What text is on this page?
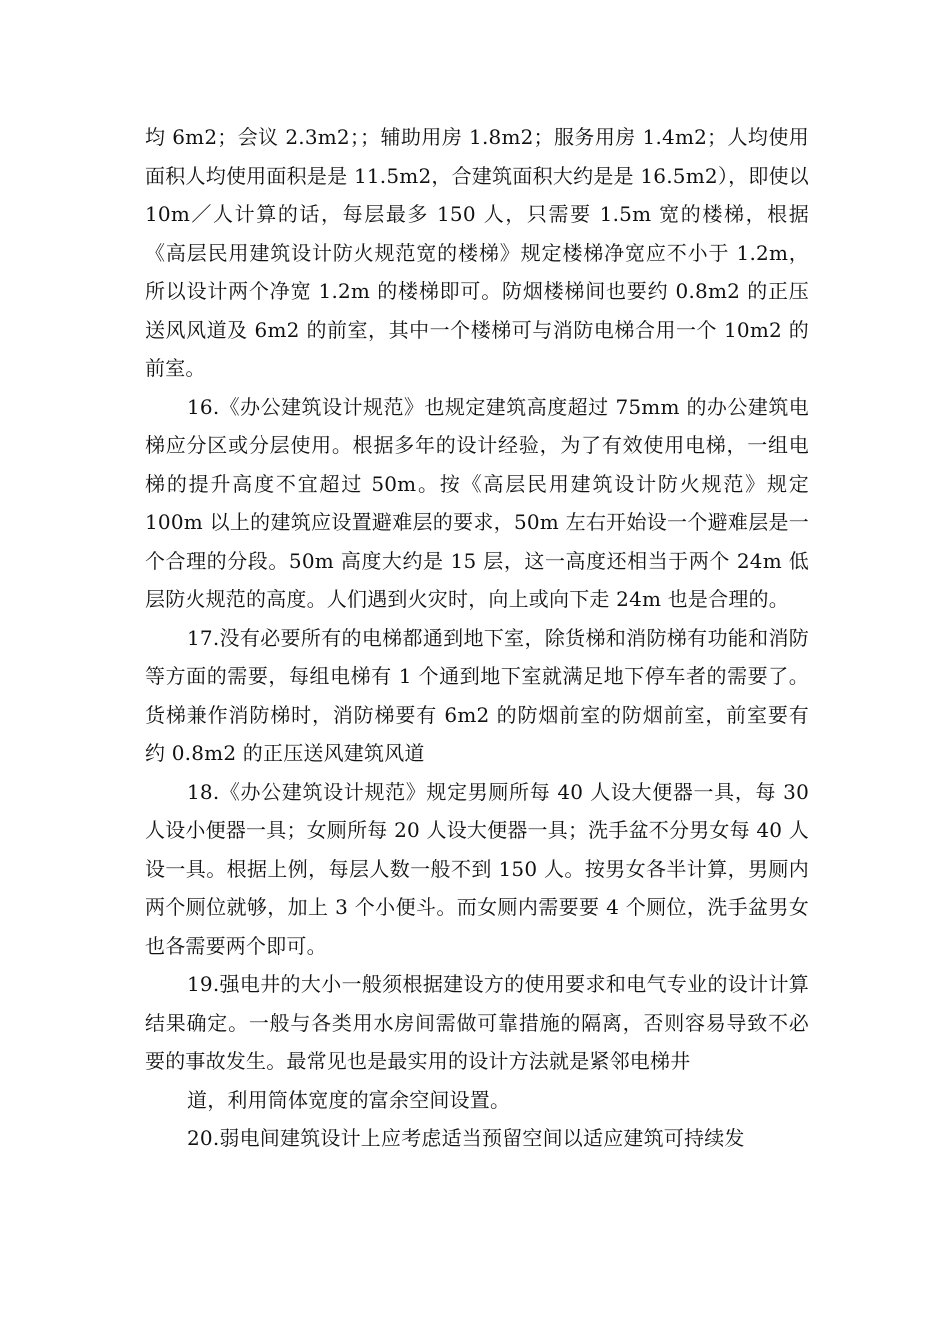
均 6m2；会议 2.3m2；；辅助用房 1.8m2；服务用房 1.4m2；人均使用面积人均使用面积是是 11.5m2，合建筑面积大约是是 16.5m2），即使以 10m／人计算的话，每层最多 150 人，只需要 1.5m 宽的楼梯，根据《高层民用建筑设计防火规范宽的楼梯》规定楼梯净宽应不小于 1.2m，所以设计两个净宽 1.2m 的楼梯即可。防烟楼梯间也要约 0.8m2 的正压送风风道及 6m2 的前室，其中一个楼梯可与消防电梯合用一个 10m2 的前室。

16.《办公建筑设计规范》也规定建筑高度超过 75mm 的办公建筑电梯应分区或分层使用。根据多年的设计经验，为了有效使用电梯，一组电梯的提升高度不宜超过 50m。按《高层民用建筑设计防火规范》规定 100m 以上的建筑应设置避难层的要求，50m 左右开始设一个避难层是一个合理的分段。50m 高度大约是 15 层，这一高度还相当于两个 24m 低层防火规范的高度。人们遇到火灾时，向上或向下走 24m 也是合理的。

17.没有必要所有的电梯都通到地下室，除货梯和消防梯有功能和消防等方面的需要，每组电梯有 1 个通到地下室就满足地下停车者的需要了。货梯兼作消防梯时，消防梯要有 6m2 的防烟前室的防烟前室，前室要有约 0.8m2 的正压送风建筑风道

18.《办公建筑设计规范》规定男厕所每 40 人设大便器一具，每 30 人设小便器一具；女厕所每 20 人设大便器一具；洗手盆不分男女每 40 人设一具。根据上例，每层人数一般不到 150 人。按男女各半计算，男厕内两个厕位就够，加上 3 个小便斗。而女厕内需要要 4 个厕位，洗手盆男女也各需要两个即可。

19.强电井的大小一般须根据建设方的使用要求和电气专业的设计计算结果确定。一般与各类用水房间需做可靠措施的隔离，否则容易导致不必要的事故发生。最常见也是最实用的设计方法就是紧邻电梯井

道，利用筒体宽度的富余空间设置。

20.弱电间建筑设计上应考虑适当预留空间以适应建筑可持续发
